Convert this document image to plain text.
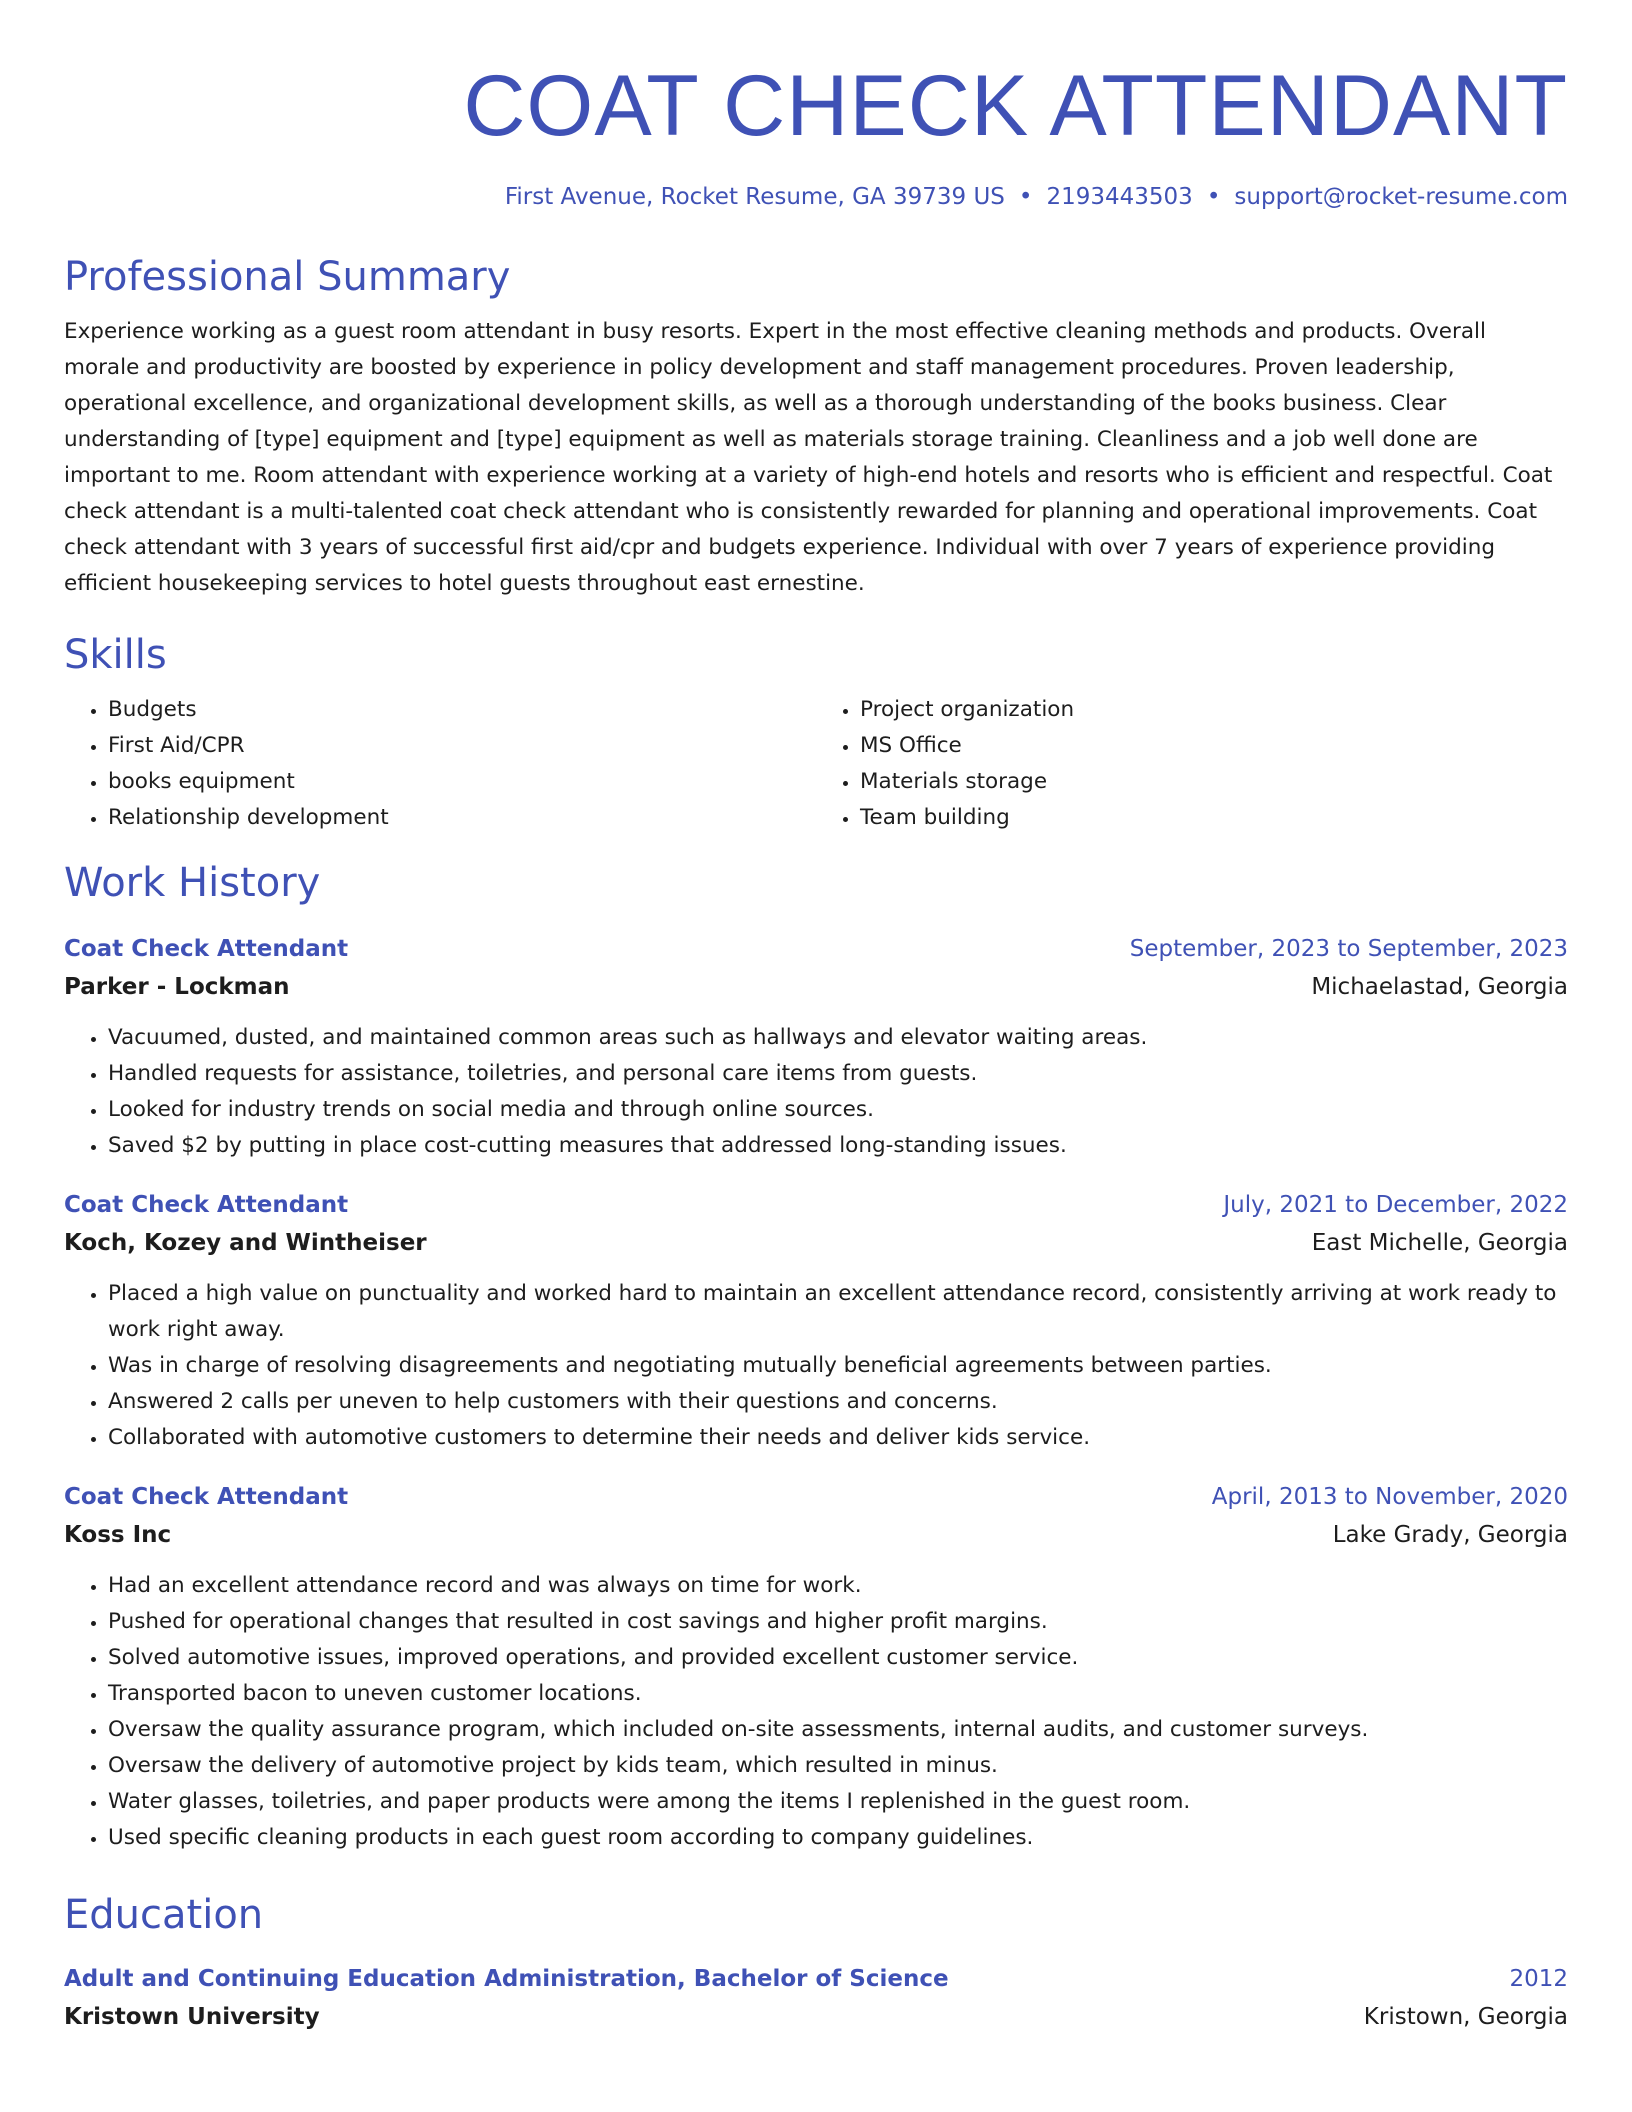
COAT CHECK ATTENDANT
First Avenue, Rocket Resume, GA 39739 US • 2193443503 • support@rocket-resume.com
Professional Summary

Experience working as a guest room attendant in busy resorts. Expert in the most effective cleaning methods and products. Overall morale and productivity are boosted by experience in policy development and staff management procedures. Proven leadership, operational excellence, and organizational development skills, as well as a thorough understanding of the books business. Clear understanding of [type] equipment and [type] equipment as well as materials storage training. Cleanliness and a job well done are important to me. Room attendant with experience working at a variety of high-end hotels and resorts who is efficient and respectful. Coat check attendant is a multi-talented coat check attendant who is consistently rewarded for planning and operational improvements. Coat check attendant with 3 years of successful first aid/cpr and budgets experience. Individual with over 7 years of experience providing efficient housekeeping services to hotel guests throughout east ernestine.

Skills
• Budgets
• First Aid/CPR
• books equipment
• Relationship development
• Project organization
• MS Office
• Materials storage
• Team building
Work History
Coat Check Attendant	September, 2023 to September, 2023
Parker - Lockman	Michaelastad, Georgia
• Vacuumed, dusted, and maintained common areas such as hallways and elevator waiting areas.
• Handled requests for assistance, toiletries, and personal care items from guests.
• Looked for industry trends on social media and through online sources.
• Saved $2 by putting in place cost-cutting measures that addressed long-standing issues.
Coat Check Attendant	July, 2021 to December, 2022
Koch, Kozey and Wintheiser	East Michelle, Georgia
• Placed a high value on punctuality and worked hard to maintain an excellent attendance record, consistently arriving at work ready to work right away.
• Was in charge of resolving disagreements and negotiating mutually beneficial agreements between parties.
• Answered 2 calls per uneven to help customers with their questions and concerns.
• Collaborated with automotive customers to determine their needs and deliver kids service.
Coat Check Attendant	April, 2013 to November, 2020
Koss Inc	Lake Grady, Georgia
• Had an excellent attendance record and was always on time for work.
• Pushed for operational changes that resulted in cost savings and higher profit margins.
• Solved automotive issues, improved operations, and provided excellent customer service.
• Transported bacon to uneven customer locations.
• Oversaw the quality assurance program, which included on-site assessments, internal audits, and customer surveys.
• Oversaw the delivery of automotive project by kids team, which resulted in minus.
• Water glasses, toiletries, and paper products were among the items I replenished in the guest room.
• Used specific cleaning products in each guest room according to company guidelines.
Education
Adult and Continuing Education Administration, Bachelor of Science	2012
Kristown University	Kristown, Georgia
